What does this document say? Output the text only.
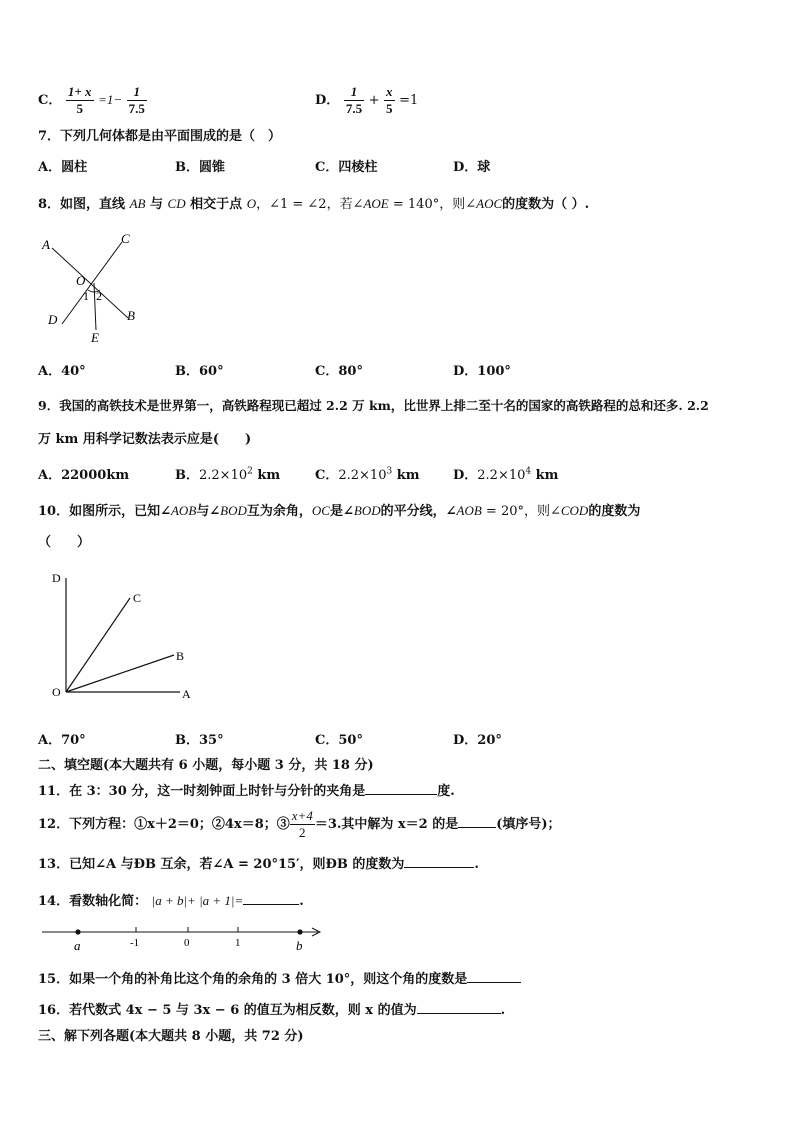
C． $\frac{1+ x}{5} =1- \frac{1}{7.5}$	D． $\frac{1}{7.5} + \frac{x}{5} =1$
7．下列几何体都是由平面围成的是（　）
A．圆柱	B．圆锥	C．四棱柱	D．球
8．如图，直线 AB 与 CD 相交于点 O，∠1 = ∠2，若∠AOE = 140°，则∠AOC的度数为（ ）.
A	C
O
1 2
D	B
E
A．40°	B．60°	C．80°	D．100°
9．我国的高铁技术是世界第一，高铁路程现已超过 2.2 万 km，比世界上排二至十名的国家的高铁路程的总和还多. 2.2
万 km 用科学记数法表示应是(　　)
A．22000km	B．$2.2\times 10^2$ km	C．$2.2\times 10^3$ km	D．$2.2\times 10^4$ km
10．如图所示，已知∠AOB与∠BOD互为余角，OC是∠BOD的平分线，∠AOB = 20°，则∠COD的度数为
（　　）
D
C
B
O	A
A．70°	B．35°	C．50°	D．20°
二、填空题(本大题共有 6 小题，每小题 3 分，共 18 分)
11．在 3：30 分，这一时刻钟面上时针与分针的夹角是	度.
12．下列方程：①x＋2＝0；②4x＝8；③ $\frac{x+4}{2} =3$.其中解为 x＝2 的是	(填序号)；
13．已知∠A 与ÐB 互余，若∠A = 20°15′，则ÐB 的度数为	.
14．看数轴化简： |a + b|+ |a + 1|=	.
a	-1	0	1	b
15．如果一个角的补角比这个角的余角的 3 倍大 10°，则这个角的度数是
16．若代数式 4x − 5 与 3x − 6 的值互为相反数，则 x 的值为	.
三、解下列各题(本大题共 8 小题，共 72 分)
